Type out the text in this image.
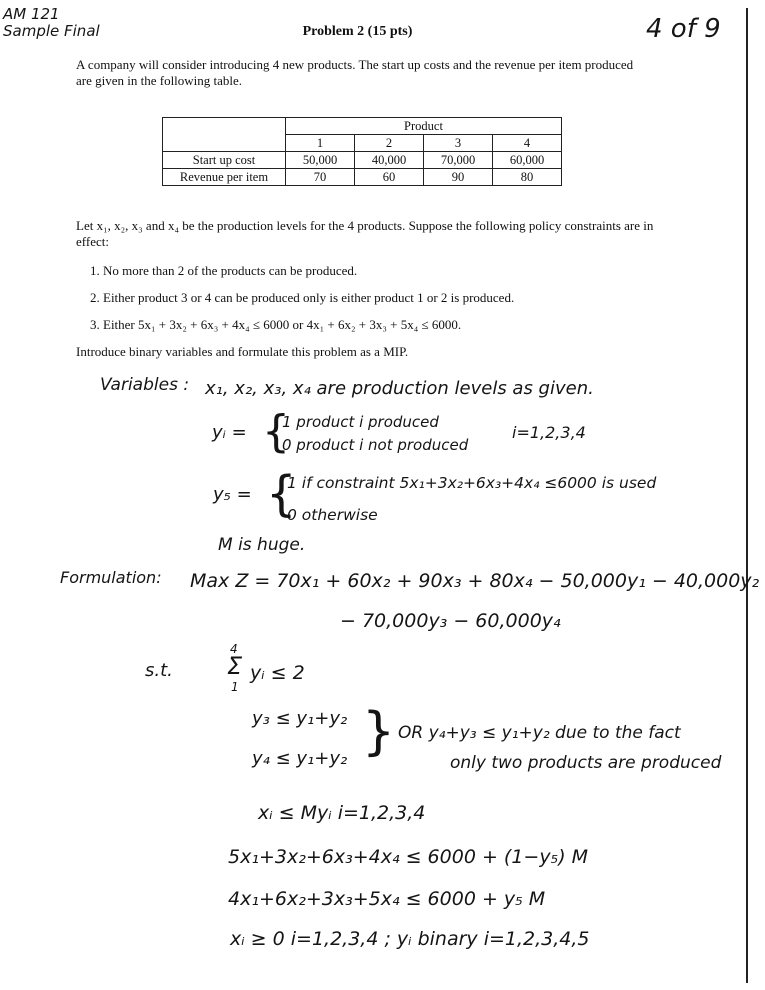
AM 121
Sample Final	Problem 2 (15 pts)	4 of 9
A company will consider introducing 4 new products. The start up costs and the revenue per item produced are given in the following table.
	Product			
	1	2	3	4
Start up cost	50,000	40,000	70,000	60,000
Revenue per item	70	60	90	80
Let x₁, x₂, x₃ and x₄ be the production levels for the 4 products. Suppose the following policy constraints are in effect:
1. No more than 2 of the products can be produced.
2. Either product 3 or 4 can be produced only is either product 1 or 2 is produced.
3. Either 5x₁ + 3x₂ + 6x₃ + 4x₄ ≤ 6000 or 4x₁ + 6x₂ + 3x₃ + 5x₄ ≤ 6000.
Introduce binary variables and formulate this problem as a MIP.
Variables : x₁, x₂, x₃, x₄ are production levels as given.
yᵢ = {
1 product i produced
0 product i not produced
i=1,2,3,4
y₅ = {
1 if constraint 5x₁+3x₂+6x₃+4x₄ ≤6000 is used
0 otherwise
M is huge.
Formulation: Max Z = 70x₁ + 60x₂ + 90x₃ + 80x₄ − 50,000y₁ − 40,000y₂
− 70,000y₃ − 60,000y₄
s.t.
4
Σ
1
yᵢ ≤ 2
y₃ ≤ y₁+y₂
y₄ ≤ y₁+y₂ } OR y₄+y₃ ≤ y₁+y₂ due to the fact
only two products are produced
xᵢ ≤ Myᵢ i=1,2,3,4
5x₁+3x₂+6x₃+4x₄ ≤ 6000 + (1−y₅) M
4x₁+6x₂+3x₃+5x₄ ≤ 6000 + y₅ M
xᵢ ≥ 0 i=1,2,3,4 ; yᵢ binary i=1,2,3,4,5
